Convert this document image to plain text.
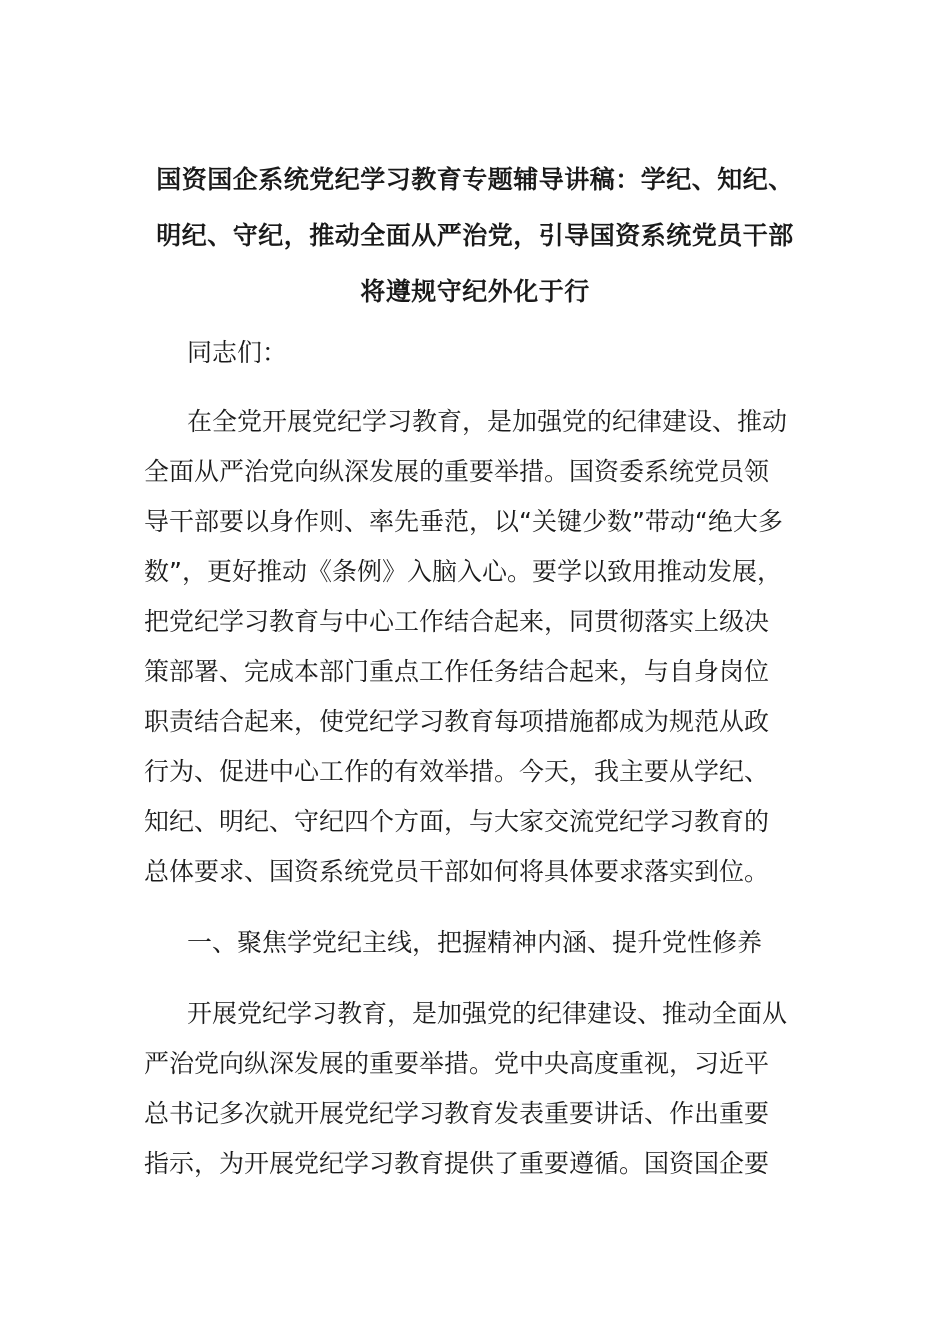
国资国企系统党纪学习教育专题辅导讲稿：学纪、知纪、
明纪、守纪，推动全面从严治党，引导国资系统党员干部
将遵规守纪外化于行
同志们：
在全党开展党纪学习教育，是加强党的纪律建设、推动
全面从严治党向纵深发展的重要举措。国资委系统党员领
导干部要以身作则、率先垂范，以“关键少数”带动“绝大多
数”，更好推动《条例》入脑入心。要学以致用推动发展，
把党纪学习教育与中心工作结合起来，同贯彻落实上级决
策部署、完成本部门重点工作任务结合起来，与自身岗位
职责结合起来，使党纪学习教育每项措施都成为规范从政
行为、促进中心工作的有效举措。今天，我主要从学纪、
知纪、明纪、守纪四个方面，与大家交流党纪学习教育的
总体要求、国资系统党员干部如何将具体要求落实到位。
一、聚焦学党纪主线，把握精神内涵、提升党性修养
开展党纪学习教育，是加强党的纪律建设、推动全面从
严治党向纵深发展的重要举措。党中央高度重视，习近平
总书记多次就开展党纪学习教育发表重要讲话、作出重要
指示，为开展党纪学习教育提供了重要遵循。国资国企要
